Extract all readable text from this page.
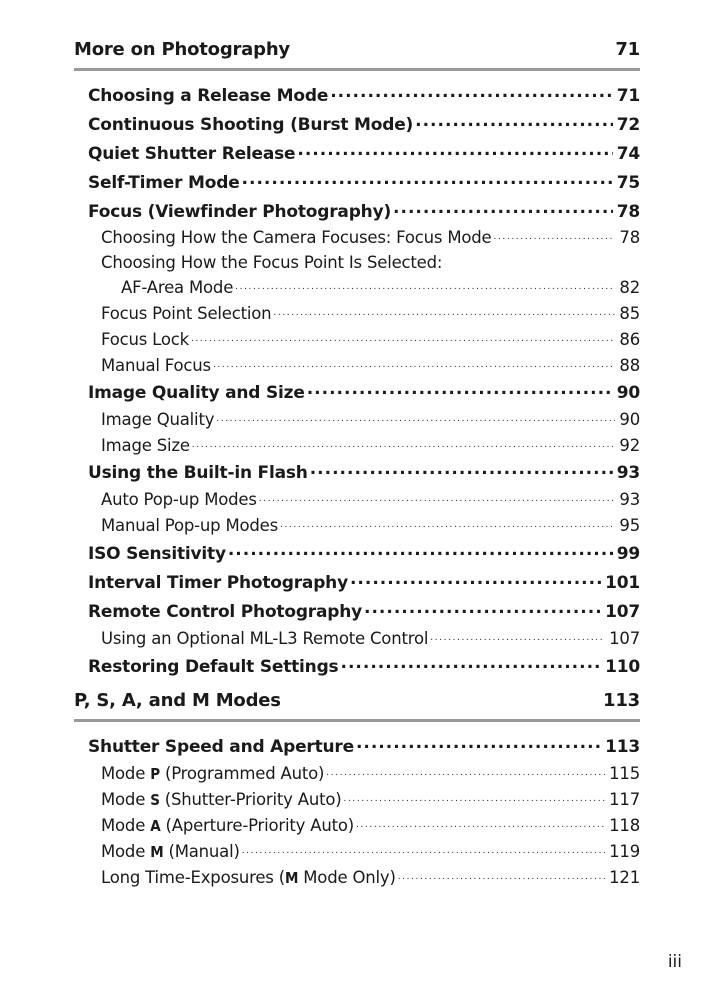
More on Photography	71
Choosing a Release Mode .....	71
Continuous Shooting (Burst Mode) .....	72
Quiet Shutter Release .....	74
Self-Timer Mode .....	75
Focus (Viewfinder Photography) .....	78
Choosing How the Camera Focuses: Focus Mode .....	78
Choosing How the Focus Point Is Selected:
AF-Area Mode .....	82
Focus Point Selection .....	85
Focus Lock .....	86
Manual Focus .....	88
Image Quality and Size .....	90
Image Quality .....	90
Image Size .....	92
Using the Built-in Flash .....	93
Auto Pop-up Modes .....	93
Manual Pop-up Modes .....	95
ISO Sensitivity .....	99
Interval Timer Photography .....	101
Remote Control Photography .....	107
Using an Optional ML-L3 Remote Control .....	107
Restoring Default Settings .....	110
P, S, A, and M Modes	113
Shutter Speed and Aperture .....	113
Mode P (Programmed Auto) .....	115
Mode S (Shutter-Priority Auto) .....	117
Mode A (Aperture-Priority Auto) .....	118
Mode M (Manual) .....	119
Long Time-Exposures (M Mode Only) .....	121
iii
